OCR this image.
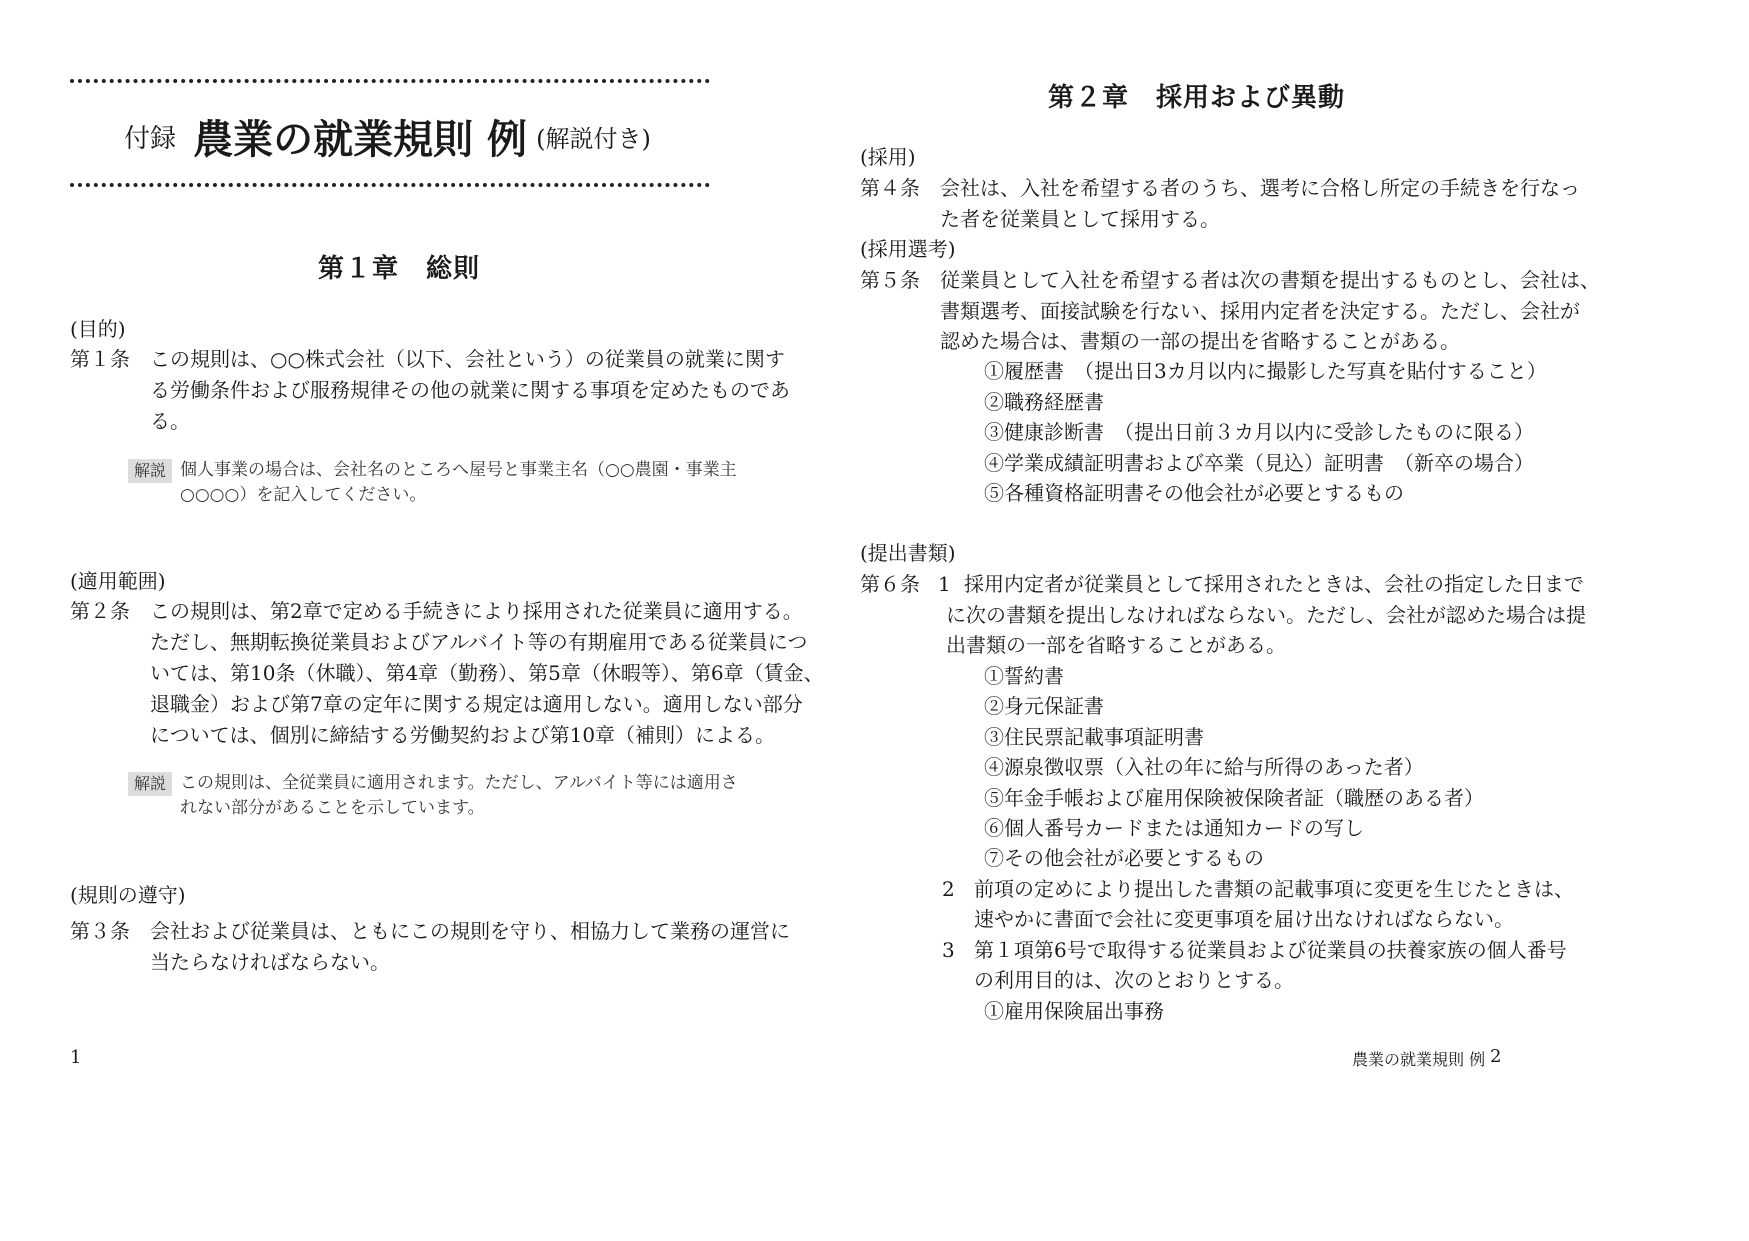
付録 農業の就業規則 例 (解説付き)
第１章　総則
(目的)
第１条 この規則は、○○株式会社（以下、会社という）の従業員の就業に関す
る労働条件および服務規律その他の就業に関する事項を定めたものであ
る。
解説 個人事業の場合は、会社名のところへ屋号と事業主名（○○農園・事業主
○○○○）を記入してください。
(適用範囲)
第２条 この規則は、第2章で定める手続きにより採用された従業員に適用する。
ただし、無期転換従業員およびアルバイト等の有期雇用である従業員につ
いては、第10条（休職）、第4章（勤務）、第5章（休暇等）、第6章（賃金、
退職金）および第7章の定年に関する規定は適用しない。適用しない部分
については、個別に締結する労働契約および第10章（補則）による。
解説 この規則は、全従業員に適用されます。ただし、アルバイト等には適用さ
れない部分があることを示しています。
(規則の遵守)
第３条 会社および従業員は、ともにこの規則を守り、相協力して業務の運営に
当たらなければならない。
1
第２章　採用および異動
(採用)
第４条 会社は、入社を希望する者のうち、選考に合格し所定の手続きを行なっ
た者を従業員として採用する。
(採用選考)
第５条 従業員として入社を希望する者は次の書類を提出するものとし、会社は、
書類選考、面接試験を行ない、採用内定者を決定する。ただし、会社が
認めた場合は、書類の一部の提出を省略することがある。
①履歴書　（提出日3カ月以内に撮影した写真を貼付すること）
②職務経歴書
③健康診断書　（提出日前３カ月以内に受診したものに限る）
④学業成績証明書および卒業（見込）証明書　（新卒の場合）
⑤各種資格証明書その他会社が必要とするもの
(提出書類)
第６条 1 採用内定者が従業員として採用されたときは、会社の指定した日まで
に次の書類を提出しなければならない。ただし、会社が認めた場合は提
出書類の一部を省略することがある。
①誓約書
②身元保証書
③住民票記載事項証明書
④源泉徴収票（入社の年に給与所得のあった者）
⑤年金手帳および雇用保険被保険者証（職歴のある者）
⑥個人番号カードまたは通知カードの写し
⑦その他会社が必要とするもの
2 前項の定めにより提出した書類の記載事項に変更を生じたときは、
速やかに書面で会社に変更事項を届け出なければならない。
3 第１項第6号で取得する従業員および従業員の扶養家族の個人番号
の利用目的は、次のとおりとする。
①雇用保険届出事務
農業の就業規則 例 2
